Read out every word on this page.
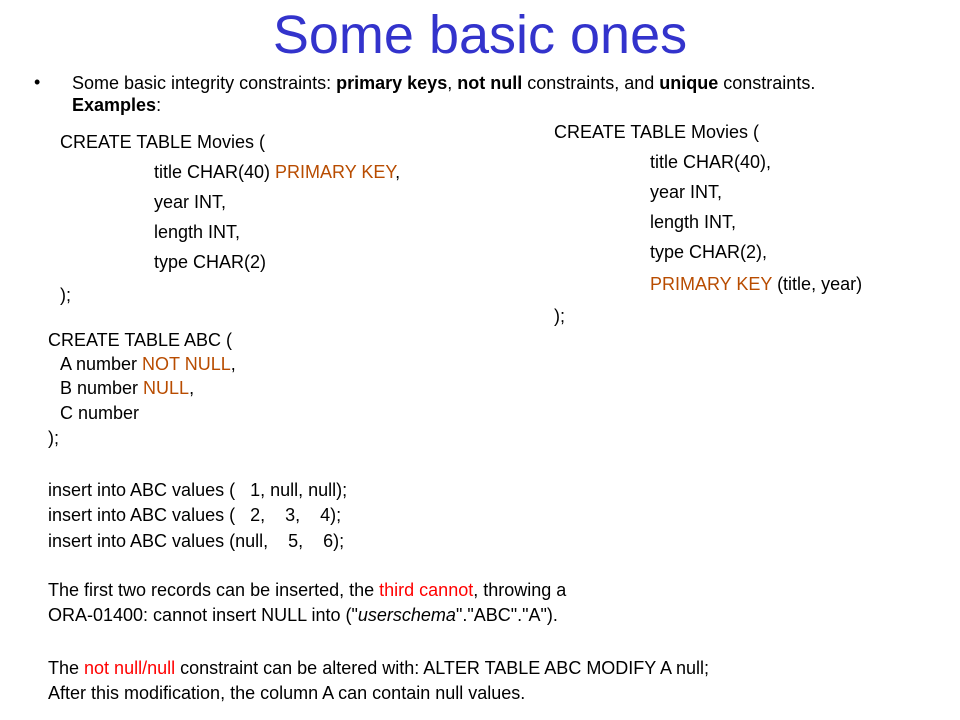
Some basic ones
• Some basic integrity constraints: primary keys, not null constraints, and unique constraints. Examples:
CREATE TABLE Movies (
title CHAR(40) PRIMARY KEY,
year INT,
length INT,
type CHAR(2)
);
CREATE TABLE Movies (
title CHAR(40),
year INT,
length INT,
type CHAR(2),
PRIMARY KEY (title, year)
);
CREATE TABLE ABC (
A number NOT NULL,
B number NULL,
C number
);
insert into ABC values (   1, null, null);
insert into ABC values (   2,    3,    4);
insert into ABC values (null,    5,    6);
The first two records can be inserted, the third cannot, throwing a
ORA-01400: cannot insert NULL into ("userschema"."ABC"."A").
The not null/null constraint can be altered with: ALTER TABLE ABC MODIFY A null;
After this modification, the column A can contain null values.
